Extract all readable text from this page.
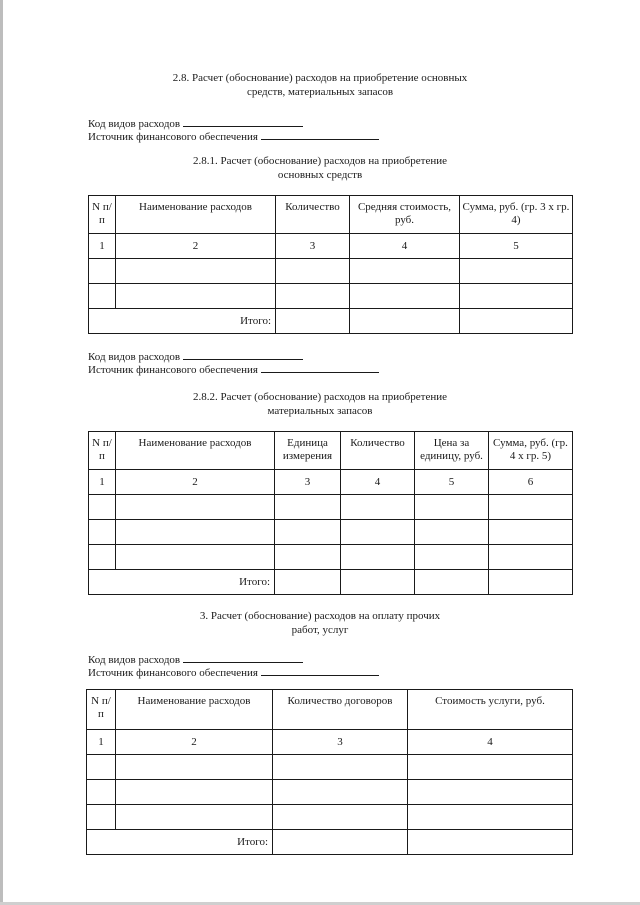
2.8. Расчет (обоснование) расходов на приобретение основных
средств, материальных запасов
Код видов расходов
Источник финансового обеспечения
2.8.1. Расчет (обоснование) расходов на приобретение
основных средств
N п/п	Наименование расходов	Количество	Средняя стоимость, руб.	Сумма, руб. (гр. 3 x гр. 4)
1	2	3	4	5

Итого:				
Код видов расходов
Источник финансового обеспечения
2.8.2. Расчет (обоснование) расходов на приобретение
материальных запасов
N п/п	Наименование расходов	Единица измерения	Количество	Цена за единицу, руб.	Сумма, руб. (гр. 4 x гр. 5)
1	2	3	4	5	6

Итого:					
3. Расчет (обоснование) расходов на оплату прочих
работ, услуг
Код видов расходов
Источник финансового обеспечения
N п/п	Наименование расходов	Количество договоров	Стоимость услуги, руб.
1	2	3	4

Итого:			
